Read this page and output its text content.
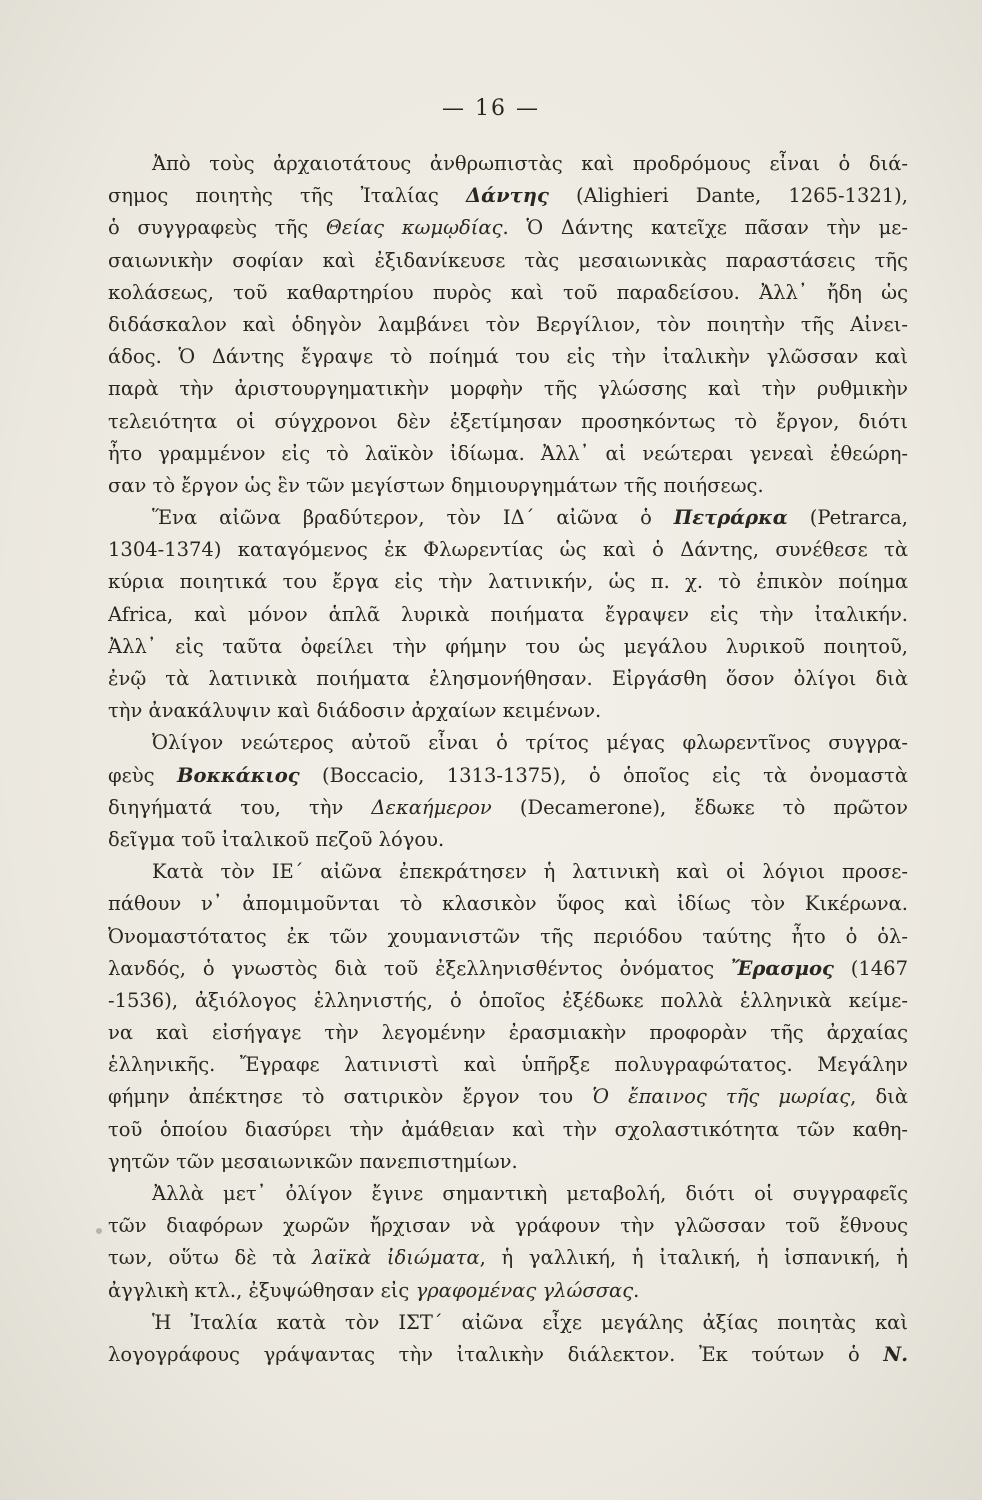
— 16 —

Ἀπὸ τοὺς ἀρχαιοτάτους ἀνθρωπιστὰς καὶ προδρόμους εἶναι ὁ διά-
σημος ποιητὴς τῆς Ἰταλίας Δάντης (Alighieri Dante, 1265-1321),
ὁ συγγραφεὺς τῆς Θείας κωμῳδίας. Ὁ Δάντης κατεῖχε πᾶσαν τὴν με-
σαιωνικὴν σοφίαν καὶ ἐξιδανίκευσε τὰς μεσαιωνικὰς παραστάσεις τῆς
κολάσεως, τοῦ καθαρτηρίου πυρὸς καὶ τοῦ παραδείσου. Ἀλλ᾽ ἤδη ὡς
διδάσκαλον καὶ ὁδηγὸν λαμβάνει τὸν Βεργίλιον, τὸν ποιητὴν τῆς Αἰνει-
άδος. Ὁ Δάντης ἔγραψε τὸ ποίημά του εἰς τὴν ἰταλικὴν γλῶσσαν καὶ
παρὰ τὴν ἀριστουργηματικὴν μορφὴν τῆς γλώσσης καὶ τὴν ρυθμικὴν
τελειότητα οἱ σύγχρονοι δὲν ἐξετίμησαν προσηκόντως τὸ ἔργον, διότι
ἦτο γραμμένον εἰς τὸ λαϊκὸν ἰδίωμα. Ἀλλ᾽ αἱ νεώτεραι γενεαὶ ἐθεώρη-
σαν τὸ ἔργον ὡς ἓν τῶν μεγίστων δημιουργημάτων τῆς ποιήσεως.

Ἕνα αἰῶνα βραδύτερον, τὸν ΙΔ´ αἰῶνα ὁ Πετράρκα (Petrarca,
1304-1374) καταγόμενος ἐκ Φλωρεντίας ὡς καὶ ὁ Δάντης, συνέθεσε τὰ
κύρια ποιητικά του ἔργα εἰς τὴν λατινικήν, ὡς π. χ. τὸ ἐπικὸν ποίημα
Africa, καὶ μόνον ἁπλᾶ λυρικὰ ποιήματα ἔγραψεν εἰς τὴν ἰταλικήν.
Ἀλλ᾽ εἰς ταῦτα ὀφείλει τὴν φήμην του ὡς μεγάλου λυρικοῦ ποιητοῦ,
ἐνῷ τὰ λατινικὰ ποιήματα ἐλησμονήθησαν. Εἰργάσθη ὅσον ὀλίγοι διὰ
τὴν ἀνακάλυψιν καὶ διάδοσιν ἀρχαίων κειμένων.

Ὀλίγον νεώτερος αὐτοῦ εἶναι ὁ τρίτος μέγας φλωρεντῖνος συγγρα-
φεὺς Βοκκάκιος (Boccacio, 1313-1375), ὁ ὁποῖος εἰς τὰ ὀνομαστὰ
διηγήματά του, τὴν Δεκαήμερον (Decamerone), ἔδωκε τὸ πρῶτον
δεῖγμα τοῦ ἰταλικοῦ πεζοῦ λόγου.

Κατὰ τὸν ΙΕ´ αἰῶνα ἐπεκράτησεν ἡ λατινικὴ καὶ οἱ λόγιοι προσε-
πάθουν ν᾽ ἀπομιμοῦνται τὸ κλασικὸν ὕφος καὶ ἰδίως τὸν Κικέρωνα.
Ὀνομαστότατος ἐκ τῶν χουμανιστῶν τῆς περιόδου ταύτης ἦτο ὁ ὁλ-
λανδός, ὁ γνωστὸς διὰ τοῦ ἐξελληνισθέντος ὀνόματος Ἔρασμος (1467
-1536), ἀξιόλογος ἑλληνιστής, ὁ ὁποῖος ἐξέδωκε πολλὰ ἑλληνικὰ κείμε-
να καὶ εἰσήγαγε τὴν λεγομένην ἐρασμιακὴν προφορὰν τῆς ἀρχαίας
ἑλληνικῆς. Ἔγραφε λατινιστὶ καὶ ὑπῆρξε πολυγραφώτατος. Μεγάλην
φήμην ἀπέκτησε τὸ σατιρικὸν ἔργον του Ὁ ἔπαινος τῆς μωρίας, διὰ
τοῦ ὁποίου διασύρει τὴν ἀμάθειαν καὶ τὴν σχολαστικότητα τῶν καθη-
γητῶν τῶν μεσαιωνικῶν πανεπιστημίων.

Ἀλλὰ μετ᾽ ὀλίγον ἔγινε σημαντικὴ μεταβολή, διότι οἱ συγγραφεῖς
τῶν διαφόρων χωρῶν ἤρχισαν νὰ γράφουν τὴν γλῶσσαν τοῦ ἔθνους
των, οὕτω δὲ τὰ λαϊκὰ ἰδιώματα, ἡ γαλλική, ἡ ἰταλική, ἡ ἱσπανική, ἡ
ἀγγλικὴ κτλ., ἐξυψώθησαν εἰς γραφομένας γλώσσας.

Ἡ Ἰταλία κατὰ τὸν ΙΣΤ´ αἰῶνα εἶχε μεγάλης ἀξίας ποιητὰς καὶ
λογογράφους γράψαντας τὴν ἰταλικὴν διάλεκτον. Ἐκ τούτων ὁ Ν.
